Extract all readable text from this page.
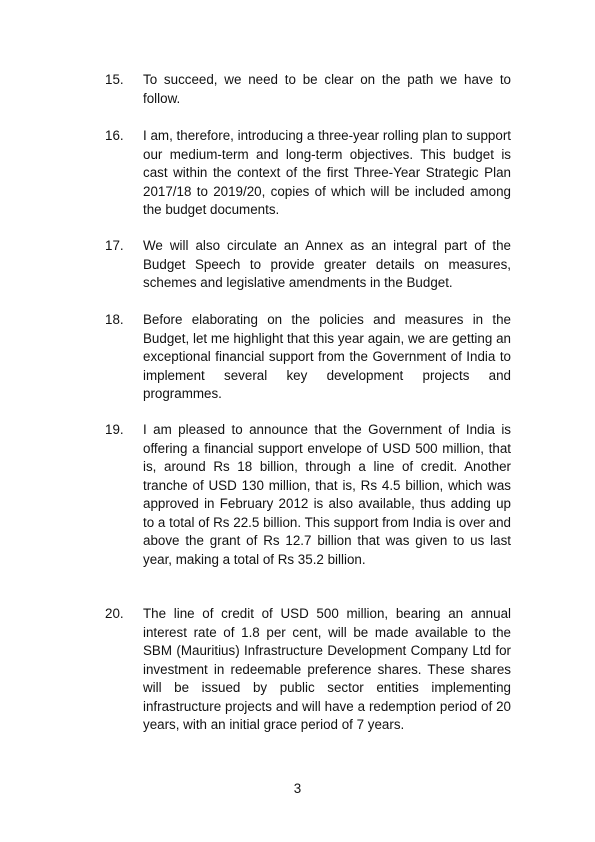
15.	To succeed, we need to be clear on the path we have to follow.

16.	I am, therefore, introducing a three-year rolling plan to support our medium-term and long-term objectives. This budget is cast within the context of the first Three-Year Strategic Plan 2017/18 to 2019/20, copies of which will be included among the budget documents.

17.	We will also circulate an Annex as an integral part of the Budget Speech to provide greater details on measures, schemes and legislative amendments in the Budget.

18.	Before elaborating on the policies and measures in the Budget, let me highlight that this year again, we are getting an exceptional financial support from the Government of India to implement several key development projects and programmes.

19.	I am pleased to announce that the Government of India is offering a financial support envelope of USD 500 million, that is, around Rs 18 billion, through a line of credit. Another tranche of USD 130 million, that is, Rs 4.5 billion, which was approved in February 2012 is also available, thus adding up to a total of Rs 22.5 billion. This support from India is over and above the grant of Rs 12.7 billion that was given to us last year, making a total of Rs 35.2 billion.

20.	The line of credit of USD 500 million, bearing an annual interest rate of 1.8 per cent, will be made available to the SBM (Mauritius) Infrastructure Development Company Ltd for investment in redeemable preference shares. These shares will be issued by public sector entities implementing infrastructure projects and will have a redemption period of 20 years, with an initial grace period of 7 years.

3
